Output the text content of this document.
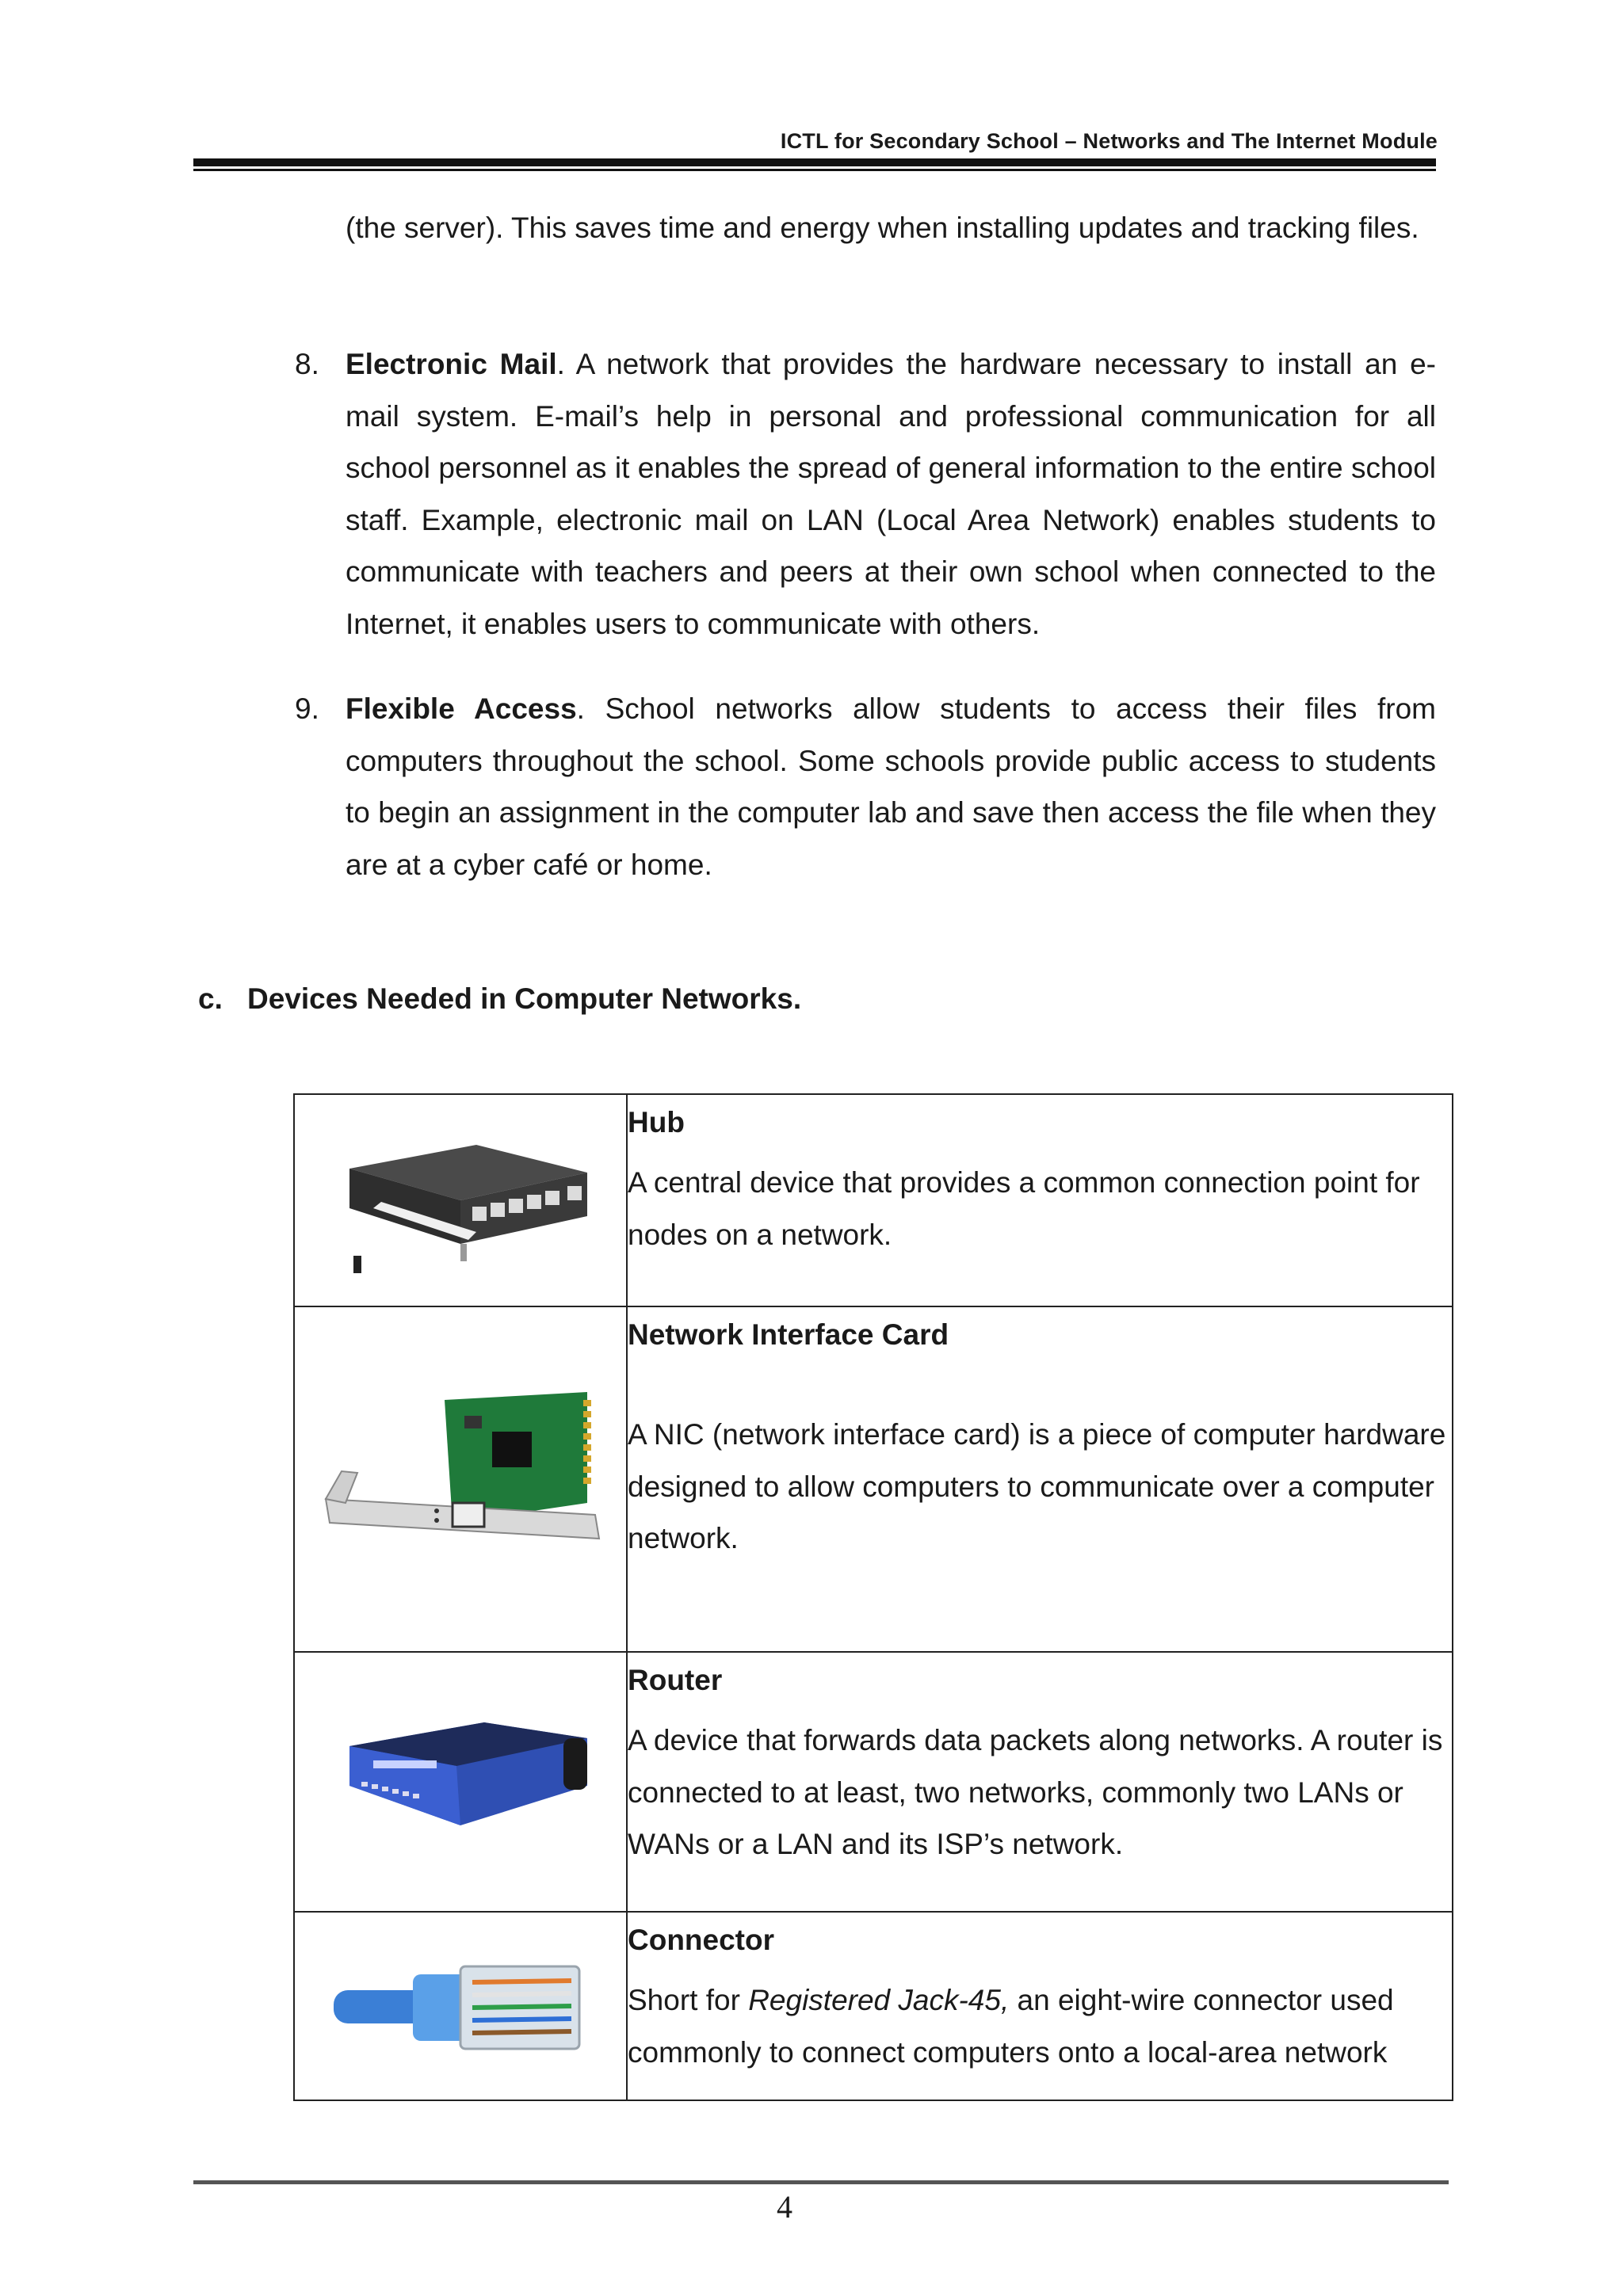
ICTL for Secondary School – Networks and The Internet Module
(the server). This saves time and energy when installing updates and tracking files.
8. Electronic Mail. A network that provides the hardware necessary to install an e-mail system. E-mail’s help in personal and professional communication for all school personnel as it enables the spread of general information to the entire school staff. Example, electronic mail on LAN (Local Area Network) enables students to communicate with teachers and peers at their own school when connected to the Internet, it enables users to communicate with others.
9. Flexible Access. School networks allow students to access their files from computers throughout the school. Some schools provide public access to students to begin an assignment in the computer lab and save then access the file when they are at a cyber café or home.
c. Devices Needed in Computer Networks.

Hub
A central device that provides a common connection point for nodes on a network.

Network Interface Card
A NIC (network interface card) is a piece of computer hardware designed to allow computers to communicate over a computer network.

Router
A device that forwards data packets along networks. A router is connected to at least, two networks, commonly two LANs or WANs or a LAN and its ISP’s network.

Connector
Short for Registered Jack-45, an eight-wire connector used commonly to connect computers onto a local-area network
4
